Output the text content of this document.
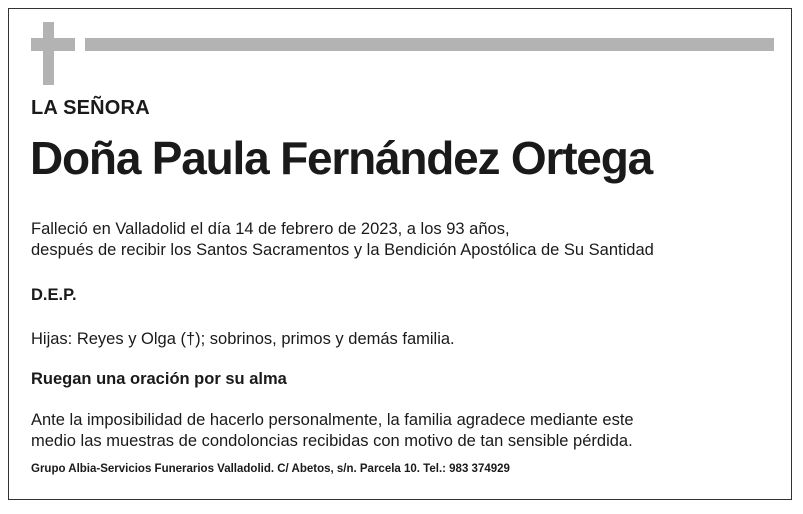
LA SEÑORA
Doña Paula Fernández Ortega
Falleció en Valladolid el día 14 de febrero de 2023, a los 93 años,
después de recibir los Santos Sacramentos y la Bendición Apostólica de Su Santidad
D.E.P.
Hijas: Reyes y Olga (†); sobrinos, primos y demás familia.
Ruegan una oración por su alma
Ante la imposibilidad de hacerlo personalmente, la familia agradece mediante este
medio las muestras de condoloncias recibidas con motivo de tan sensible pérdida.
Grupo Albia-Servicios Funerarios Valladolid. C/ Abetos, s/n. Parcela 10. Tel.: 983 374929
